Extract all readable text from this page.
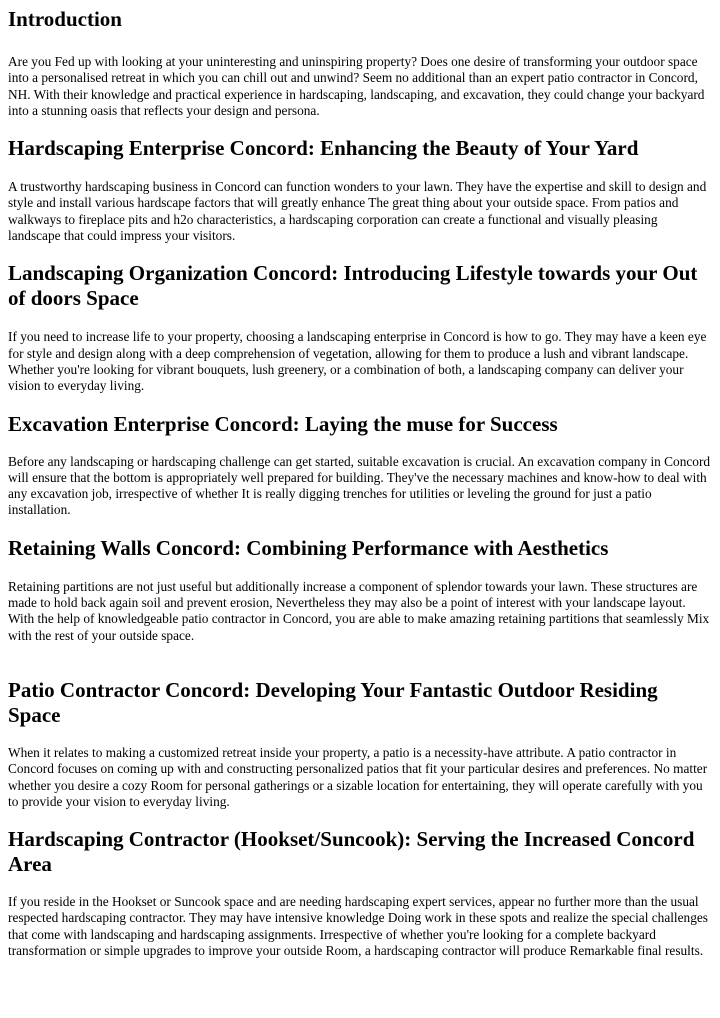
Introduction

Are you Fed up with looking at your uninteresting and uninspiring property? Does one desire of transforming your outdoor space into a personalised retreat in which you can chill out and unwind? Seem no additional than an expert patio contractor in Concord, NH. With their knowledge and practical experience in hardscaping, landscaping, and excavation, they could change your backyard into a stunning oasis that reflects your design and persona.

Hardscaping Enterprise Concord: Enhancing the Beauty of Your Yard

A trustworthy hardscaping business in Concord can function wonders to your lawn. They have the expertise and skill to design and style and install various hardscape factors that will greatly enhance The great thing about your outside space. From patios and walkways to fireplace pits and h2o characteristics, a hardscaping corporation can create a functional and visually pleasing landscape that could impress your visitors.

Landscaping Organization Concord: Introducing Lifestyle towards your Out of doors Space

If you need to increase life to your property, choosing a landscaping enterprise in Concord is how to go. They may have a keen eye for style and design along with a deep comprehension of vegetation, allowing for them to produce a lush and vibrant landscape. Whether you're looking for vibrant bouquets, lush greenery, or a combination of both, a landscaping company can deliver your vision to everyday living.

Excavation Enterprise Concord: Laying the muse for Success

Before any landscaping or hardscaping challenge can get started, suitable excavation is crucial. An excavation company in Concord will ensure that the bottom is appropriately well prepared for building. They've the necessary machines and know-how to deal with any excavation job, irrespective of whether It is really digging trenches for utilities or leveling the ground for just a patio installation.

Retaining Walls Concord: Combining Performance with Aesthetics

Retaining partitions are not just useful but additionally increase a component of splendor towards your lawn. These structures are made to hold back again soil and prevent erosion, Nevertheless they may also be a point of interest with your landscape layout. With the help of knowledgeable patio contractor in Concord, you are able to make amazing retaining partitions that seamlessly Mix with the rest of your outside space.

Patio Contractor Concord: Developing Your Fantastic Outdoor Residing Space

When it relates to making a customized retreat inside your property, a patio is a necessity-have attribute. A patio contractor in Concord focuses on coming up with and constructing personalized patios that fit your particular desires and preferences. No matter whether you desire a cozy Room for personal gatherings or a sizable location for entertaining, they will operate carefully with you to provide your vision to everyday living.

Hardscaping Contractor (Hookset/Suncook): Serving the Increased Concord Area

If you reside in the Hookset or Suncook space and are needing hardscaping expert services, appear no further more than the usual respected hardscaping contractor. They may have intensive knowledge Doing work in these spots and realize the special challenges that come with landscaping and hardscaping assignments. Irrespective of whether you're looking for a complete backyard transformation or simple upgrades to improve your outside Room, a hardscaping contractor will produce Remarkable final results.
